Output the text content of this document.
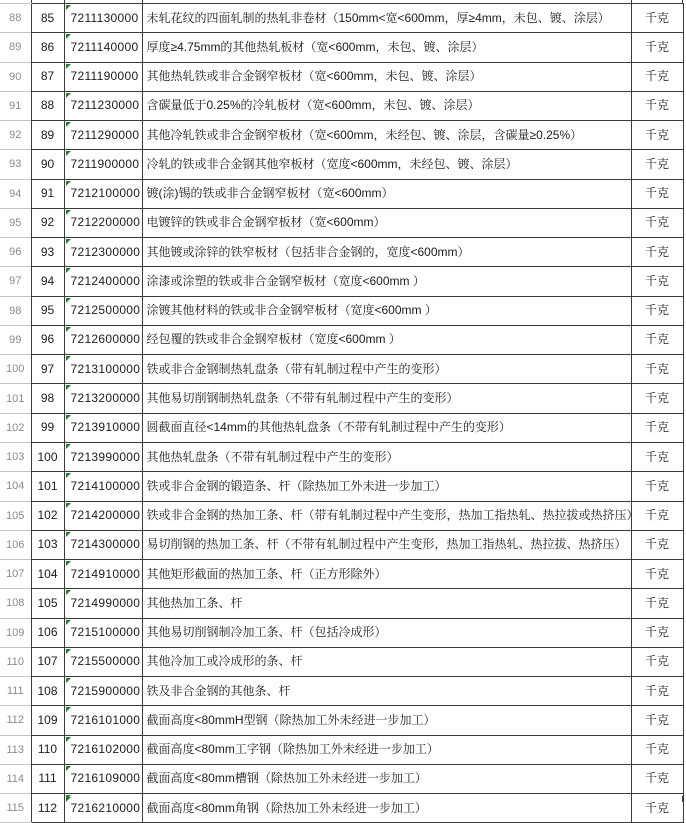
88	85	7211130000	未轧花纹的四面轧制的热轧非卷材（150mm<宽<600mm，厚≥4mm，未包、镀、涂层）	千克
89	86	7211140000	厚度≥4.75mm的其他热轧板材（宽<600mm，未包、镀、涂层）	千克
90	87	7211190000	其他热轧铁或非合金钢窄板材（宽<600mm，未包、镀、涂层）	千克
91	88	7211230000	含碳量低于0.25%的冷轧板材（宽<600mm，未包、镀、涂层）	千克
92	89	7211290000	其他冷轧铁或非合金钢窄板材（宽<600mm，未经包、镀、涂层，含碳量≥0.25%）	千克
93	90	7211900000	冷轧的铁或非合金钢其他窄板材（宽度<600mm，未经包、镀、涂层）	千克
94	91	7212100000	镀(涂)锡的铁或非合金钢窄板材（宽<600mm）	千克
95	92	7212200000	电镀锌的铁或非合金钢窄板材（宽<600mm）	千克
96	93	7212300000	其他镀或涂锌的铁窄板材（包括非合金钢的，宽度<600mm）	千克
97	94	7212400000	涂漆或涂塑的铁或非合金钢窄板材（宽度<600mm ）	千克
98	95	7212500000	涂镀其他材料的铁或非合金钢窄板材（宽度<600mm ）	千克
99	96	7212600000	经包覆的铁或非合金钢窄板材（宽度<600mm ）	千克
100	97	7213100000	铁或非合金钢制热轧盘条（带有轧制过程中产生的变形）	千克
101	98	7213200000	其他易切削钢制热轧盘条（不带有轧制过程中产生的变形）	千克
102	99	7213910000	圆截面直径<14mm的其他热轧盘条（不带有轧制过程中产生的变形）	千克
103	100	7213990000	其他热轧盘条（不带有轧制过程中产生的变形）	千克
104	101	7214100000	铁或非合金钢的锻造条、杆（除热加工外未进一步加工）	千克
105	102	7214200000	铁或非合金钢的热加工条、杆（带有轧制过程中产生变形，热加工指热轧、热拉拔或热挤压）	千克
106	103	7214300000	易切削钢的热加工条、杆（不带有轧制过程中产生变形，热加工指热轧、热拉拔、热挤压）	千克
107	104	7214910000	其他矩形截面的热加工条、杆（正方形除外）	千克
108	105	7214990000	其他热加工条、杆	千克
109	106	7215100000	其他易切削钢制冷加工条、杆（包括冷成形）	千克
110	107	7215500000	其他冷加工或冷成形的条、杆	千克
111	108	7215900000	铁及非合金钢的其他条、杆	千克
112	109	7216101000	截面高度<80mmH型钢（除热加工外未经进一步加工）	千克
113	110	7216102000	截面高度<80mm工字钢（除热加工外未经进一步加工）	千克
114	111	7216109000	截面高度<80mm槽钢（除热加工外未经进一步加工）	千克
115	112	7216210000	截面高度<80mm角钢（除热加工外未经进一步加工）	千克
